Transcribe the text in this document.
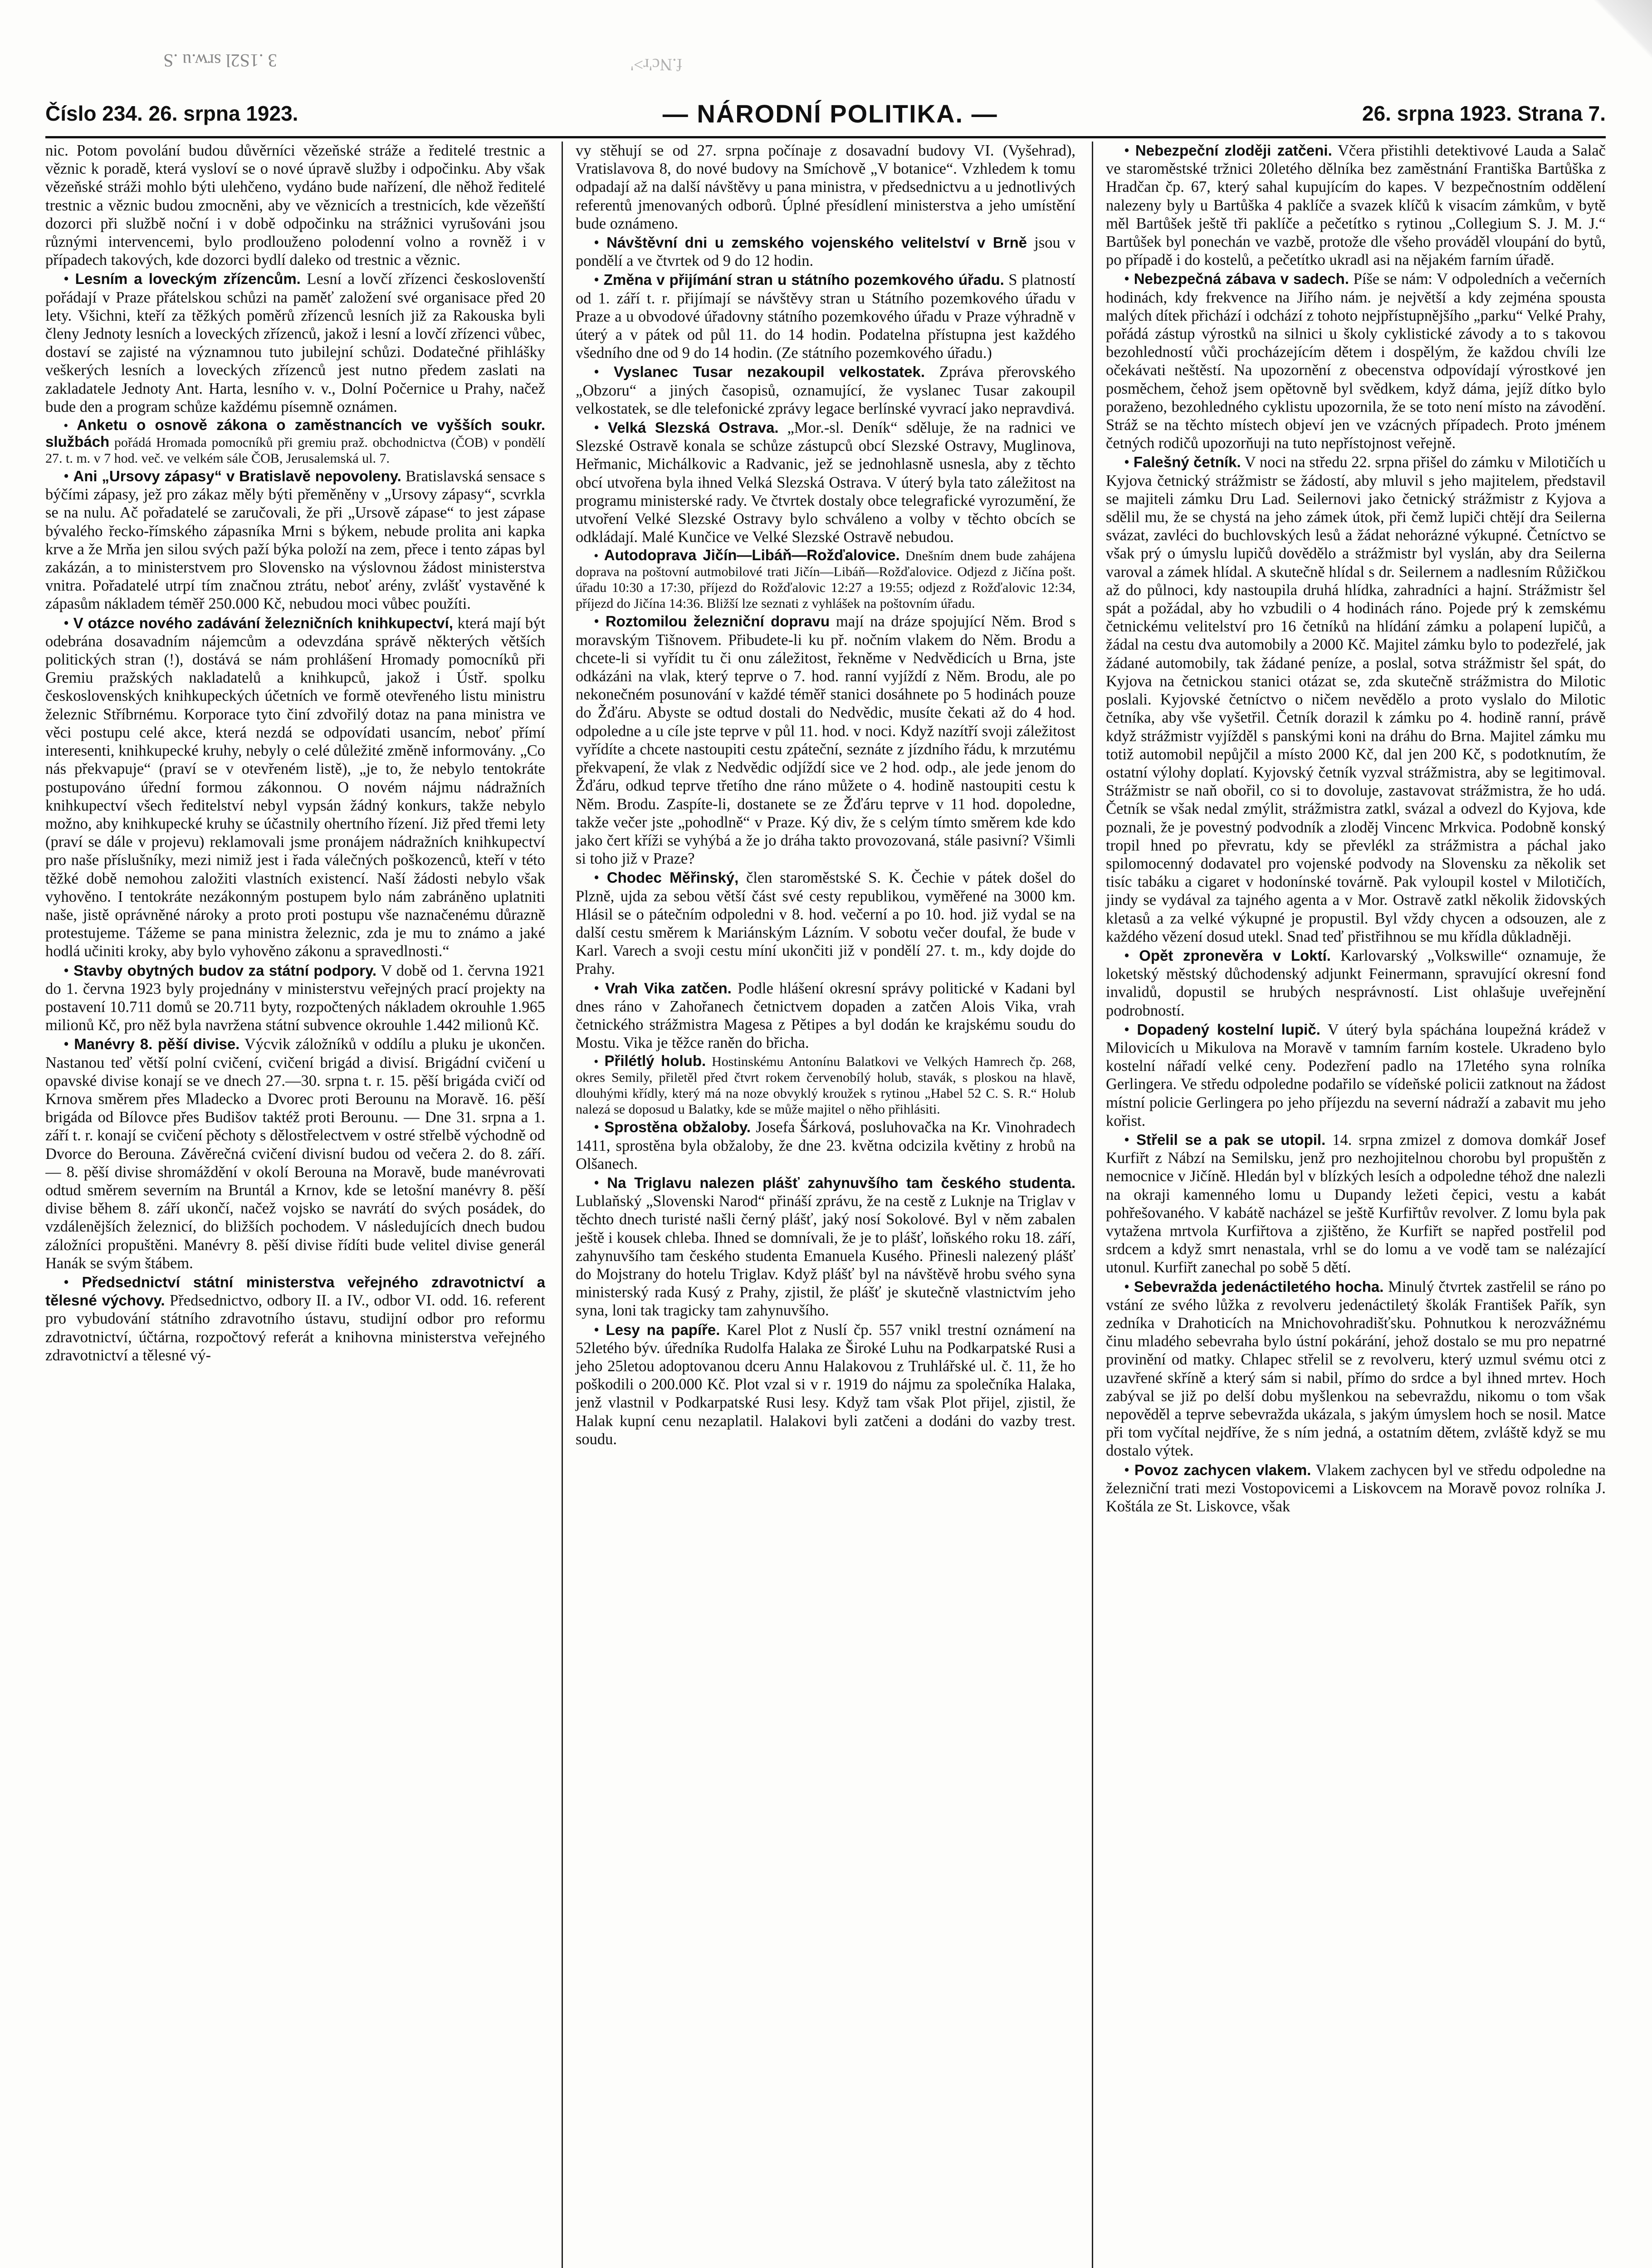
3 .1S2l srw.u .S	f.Nc'r>'
Číslo 234. 26. srpna 1923.	— NÁRODNÍ POLITIKA. —	26. srpna 1923. Strana 7.

nic. Potom povolání budou důvěrníci vězeňské stráže a ředitelé trestnic a věznic k poradě, která vysloví se o nové úpravě služby i odpočinku. Aby však vězeňské stráži mohlo býti ulehčeno, vydáno bude nařízení, dle něhož ředitelé trestnic a věznic budou zmocněni, aby ve věznicích a trestnicích, kde vězeňští dozorci při službě noční i v době odpočinku na strážnici vyrušováni jsou různými intervencemi, bylo prodlouženo polodenní volno a rovněž i v případech takových, kde dozorci bydlí daleko od trestnic a věznic.

• Lesním a loveckým zřízencům. Lesní a lovčí zřízenci českoslovenští pořádají v Praze přátelskou schůzi na paměť založení své organisace před 20 lety. Všichni, kteří za těžkých poměrů zřízenců lesních již za Rakouska byli členy Jednoty lesních a loveckých zřízenců, jakož i lesní a lovčí zřízenci vůbec, dostaví se zajisté na významnou tuto jubilejní schůzi. Dodatečné přihlášky veškerých lesních a loveckých zřízenců jest nutno předem zaslati na zakladatele Jednoty Ant. Harta, lesního v. v., Dolní Počernice u Prahy, načež bude den a program schůze každému písemně oznámen.

• Anketu o osnově zákona o zaměstnancích ve vyšších soukr. službách pořádá Hromada pomocníků při gremiu praž. obchodnictva (ČOB) v pondělí 27. t. m. v 7 hod. več. ve velkém sále ČOB, Jerusalemská ul. 7.

• Ani „Ursovy zápasy“ v Bratislavě nepovoleny. Bratislavská sensace s býčími zápasy, jež pro zákaz měly býti přeměněny v „Ursovy zápasy“, scvrkla se na nulu. Ač pořadatelé se zaručovali, že při „Ursově zápase“ to jest zápase bývalého řecko-římského zápasníka Mrni s býkem, nebude prolita ani kapka krve a že Mrňa jen silou svých paží býka položí na zem, přece i tento zápas byl zakázán, a to ministerstvem pro Slovensko na výslovnou žádost ministerstva vnitra. Pořadatelé utrpí tím značnou ztrátu, neboť arény, zvlášť vystavěné k zápasům nákladem téměř 250.000 Kč, nebudou moci vůbec použíti.

• V otázce nového zadávání železničních knihkupectví, která mají být odebrána dosavadním nájemcům a odevzdána správě některých větších politických stran (!), dostává se nám prohlášení Hromady pomocníků při Gremiu pražských nakladatelů a knihkupců, jakož i Ústř. spolku československých knihkupeckých účetních ve formě otevřeného listu ministru železnic Stříbrnému. Korporace tyto činí zdvořilý dotaz na pana ministra ve věci postupu celé akce, která nezdá se odpovídati usancím, neboť přímí interesenti, knihkupecké kruhy, nebyly o celé důležité změně informovány. „Co nás překvapuje“ (praví se v otevřeném listě), „je to, že nebylo tentokráte postupováno úřední formou zákonnou. O novém nájmu nádražních knihkupectví všech ředitelství nebyl vypsán žádný konkurs, takže nebylo možno, aby knihkupecké kruhy se účastnily ohertního řízení. Již před třemi lety (praví se dále v projevu) reklamovali jsme pronájem nádražních knihkupectví pro naše příslušníky, mezi nimiž jest i řada válečných poškozenců, kteří v této těžké době nemohou založiti vlastních existencí. Naší žádosti nebylo však vyhověno. I tentokráte nezákonným postupem bylo nám zabráněno uplatniti naše, jistě oprávněné nároky a proto proti postupu vše naznačenému důrazně protestujeme. Tážeme se pana ministra železnic, zda je mu to známo a jaké hodlá učiniti kroky, aby bylo vyhověno zákonu a spravedlnosti.“

• Stavby obytných budov za státní podpory. V době od 1. června 1921 do 1. června 1923 byly projednány v ministerstvu veřejných prací projekty na postavení 10.711 domů se 20.711 byty, rozpočtených nákladem okrouhle 1.965 milionů Kč, pro něž byla navržena státní subvence okrouhle 1.442 milionů Kč.

• Manévry 8. pěší divise. Výcvik záložníků v oddílu a pluku je ukončen. Nastanou teď větší polní cvičení, cvičení brigád a divisí. Brigádní cvičení u opavské divise konají se ve dnech 27.—30. srpna t. r. 15. pěší brigáda cvičí od Krnova směrem přes Mladecko a Dvorec proti Berounu na Moravě. 16. pěší brigáda od Bílovce přes Budišov taktéž proti Berounu. — Dne 31. srpna a 1. září t. r. konají se cvičení pěchoty s dělostřelectvem v ostré střelbě východně od Dvorce do Berouna. Závěrečná cvičení divisní budou od večera 2. do 8. září. — 8. pěší divise shromáždění v okolí Berouna na Moravě, bude manévrovati odtud směrem severním na Bruntál a Krnov, kde se letošní manévry 8. pěší divise během 8. září ukončí, načež vojsko se navrátí do svých posádek, do vzdálenějších železnicí, do bližších pochodem. V následujících dnech budou záložníci propuštěni. Manévry 8. pěší divise řídíti bude velitel divise generál Hanák se svým štábem.

• Předsednictví státní ministerstva veřejného zdravotnictví a tělesné výchovy. Předsednictvo, odbory II. a IV., odbor VI. odd. 16. referent pro vybudování státního zdravotního ústavu, studijní odbor pro reformu zdravotnictví, účtárna, rozpočtový referát a knihovna ministerstva veřejného zdravotnictví a tělesné vý-

vy stěhují se od 27. srpna počínaje z dosavadní budovy VI. (Vyšehrad), Vratislavova 8, do nové budovy na Smíchově „V botanice“. Vzhledem k tomu odpadají až na další návštěvy u pana ministra, v předsednictvu a u jednotlivých referentů jmenovaných odborů. Úplné přesídlení ministerstva a jeho umístění bude oznámeno.

• Návštěvní dni u zemského vojenského velitelství v Brně jsou v pondělí a ve čtvrtek od 9 do 12 hodin.

• Změna v přijímání stran u státního pozemkového úřadu. S platností od 1. září t. r. přijímají se návštěvy stran u Státního pozemkového úřadu v Praze a u obvodové úřadovny státního pozemkového úřadu v Praze výhradně v úterý a v pátek od půl 11. do 14 hodin. Podatelna přístupna jest každého všedního dne od 9 do 14 hodin. (Ze státního pozemkového úřadu.)

• Vyslanec Tusar nezakoupil velkostatek. Zpráva přerovského „Obzoru“ a jiných časopisů, oznamující, že vyslanec Tusar zakoupil velkostatek, se dle telefonické zprávy legace berlínské vyvrací jako nepravdivá.

• Velká Slezská Ostrava. „Mor.-sl. Deník“ sděluje, že na radnici ve Slezské Ostravě konala se schůze zástupců obcí Slezské Ostravy, Muglinova, Heřmanic, Michálkovic a Radvanic, jež se jednohlasně usnesla, aby z těchto obcí utvořena byla ihned Velká Slezská Ostrava. V úterý byla tato záležitost na programu ministerské rady. Ve čtvrtek dostaly obce telegrafické vyrozumění, že utvoření Velké Slezské Ostravy bylo schváleno a volby v těchto obcích se odkládají. Malé Kunčice ve Velké Slezské Ostravě nebudou.

• Autodoprava Jičín—Libáň—Rožďalovice. Dnešním dnem bude zahájena doprava na poštovní autmobilové trati Jičín—Libáň—Rožďalovice. Odjezd z Jičína pošt. úřadu 10:30 a 17:30, příjezd do Rožďalovic 12:27 a 19:55; odjezd z Rožďalovic 12:34, příjezd do Jičína 14:36. Bližší lze seznati z vyhlášek na poštovním úřadu.

• Roztomilou železniční dopravu mají na dráze spojující Něm. Brod s moravským Tišnovem. Přibudete-li ku př. nočním vlakem do Něm. Brodu a chcete-li si vyřídit tu či onu záležitost, řekněme v Nedvědicích u Brna, jste odkázáni na vlak, který teprve o 7. hod. ranní vyjíždí z Něm. Brodu, ale po nekonečném posunování v každé téměř stanici dosáhnete po 5 hodinách pouze do Žďáru. Abyste se odtud dostali do Nedvědic, musíte čekati až do 4 hod. odpoledne a u cíle jste teprve v půl 11. hod. v noci. Když nazítří svoji záležitost vyřídíte a chcete nastoupiti cestu zpáteční, seznáte z jízdního řádu, k mrzutému překvapení, že vlak z Nedvědic odjíždí sice ve 2 hod. odp., ale jede jenom do Žďáru, odkud teprve třetího dne ráno můžete o 4. hodině nastoupiti cestu k Něm. Brodu. Zaspíte-li, dostanete se ze Žďáru teprve v 11 hod. dopoledne, takže večer jste „pohodlně“ v Praze. Ký div, že s celým tímto směrem kde kdo jako čert kříži se vyhýbá a že jo dráha takto provozovaná, stále pasivní? Všimli si toho již v Praze?

• Chodec Měřinský, člen staroměstské S. K. Čechie v pátek došel do Plzně, ujda za sebou větší část své cesty republikou, vyměřené na 3000 km. Hlásil se o pátečním odpoledni v 8. hod. večerní a po 10. hod. již vydal se na další cestu směrem k Mariánským Lázním. V sobotu večer doufal, že bude v Karl. Varech a svoji cestu míní ukončiti již v pondělí 27. t. m., kdy dojde do Prahy.

• Vrah Vika zatčen. Podle hlášení okresní správy politické v Kadani byl dnes ráno v Zahořanech četnictvem dopaden a zatčen Alois Vika, vrah četnického strážmistra Magesa z Pětipes a byl dodán ke krajskému soudu do Mostu. Vika je těžce raněn do břicha.

• Přilétlý holub. Hostinskému Antonínu Balatkovi ve Velkých Hamrech čp. 268, okres Semily, přiletěl před čtvrt rokem červenobílý holub, stavák, s ploskou na hlavě, dlouhými křídly, který má na noze obvyklý kroužek s rytinou „Habel 52 C. S. R.“ Holub nalezá se doposud u Balatky, kde se může majitel o něho přihlásiti.

• Sprostěna obžaloby. Josefa Šárková, posluhovačka na Kr. Vinohradech 1411, sprostěna byla obžaloby, že dne 23. května odcizila květiny z hrobů na Olšanech.

• Na Triglavu nalezen plášť zahynuvšího tam českého studenta. Lublaňský „Slovenski Narod“ přináší zprávu, že na cestě z Luknje na Triglav v těchto dnech turisté našli černý plášť, jaký nosí Sokolové. Byl v něm zabalen ještě i kousek chleba. Ihned se domnívali, že je to plášť, loňského roku 18. září, zahynuvšího tam českého studenta Emanuela Kusého. Přinesli nalezený plášť do Mojstrany do hotelu Triglav. Když plášť byl na návštěvě hrobu svého syna ministerský rada Kusý z Prahy, zjistil, že plášť je skutečně vlastnictvím jeho syna, loni tak tragicky tam zahynuvšího.

• Lesy na papíře. Karel Plot z Nuslí čp. 557 vnikl trestní oznámení na 52letého býv. úředníka Rudolfa Halaka ze Široké Luhu na Podkarpatské Rusi a jeho 25letou adoptovanou dceru Annu Halakovou z Truhlářské ul. č. 11, že ho poškodili o 200.000 Kč. Plot vzal si v r. 1919 do nájmu za společníka Halaka, jenž vlastnil v Podkarpatské Rusi lesy. Když tam však Plot přijel, zjistil, že Halak kupní cenu nezaplatil. Halakovi byli zatčeni a dodáni do vazby trest. soudu.

• Nebezpeční zloději zatčeni. Včera přistihli detektivové Lauda a Salač ve staroměstské tržnici 20letého dělníka bez zaměstnání Františka Bartůška z Hradčan čp. 67, který sahal kupujícím do kapes. V bezpečnostním oddělení nalezeny byly u Bartůška 4 paklíče a svazek klíčů k visacím zámkům, v bytě měl Bartůšek ještě tři paklíče a pečetítko s rytinou „Collegium S. J. M. J.“ Bartůšek byl ponechán ve vazbě, protože dle všeho prováděl vloupání do bytů, po případě i do kostelů, a pečetítko ukradl asi na nějakém farním úřadě.

• Nebezpečná zábava v sadech. Píše se nám: V odpoledních a večerních hodinách, kdy frekvence na Jiřího nám. je největší a kdy zejména spousta malých dítek přichází i odchází z tohoto nejpřístupnějšího „parku“ Velké Prahy, pořádá zástup výrostků na silnici u školy cyklistické závody a to s takovou bezohledností vůči procházejícím dětem i dospělým, že každou chvíli lze očekávati neštěstí. Na upozornění z obecenstva odpovídají výrostkové jen posměchem, čehož jsem opětovně byl svědkem, když dáma, jejíž dítko bylo poraženo, bezohledného cyklistu upozornila, že se toto není místo na závodění. Stráž se na těchto místech objeví jen ve vzácných případech. Proto jménem četných rodičů upozorňuji na tuto nepřístojnost veřejně.

• Falešný četník. V noci na středu 22. srpna přišel do zámku v Milotičích u Kyjova četnický strážmistr se žádostí, aby mluvil s jeho majitelem, představil se majiteli zámku Dru Lad. Seilernovi jako četnický strážmistr z Kyjova a sdělil mu, že se chystá na jeho zámek útok, při čemž lupiči chtějí dra Seilerna svázat, zavléci do buchlovských lesů a žádat nehorázné výkupné. Četníctvo se však prý o úmyslu lupičů dovědělo a strážmistr byl vyslán, aby dra Seilerna varoval a zámek hlídal. A skutečně hlídal s dr. Seilernem a nadlesním Růžičkou až do půlnoci, kdy nastoupila druhá hlídka, zahradníci a hajní. Strážmistr šel spát a požádal, aby ho vzbudili o 4 hodinách ráno. Pojede prý k zemskému četnickému velitelství pro 16 četníků na hlídání zámku a polapení lupičů, a žádal na cestu dva automobily a 2000 Kč. Majitel zámku bylo to podezřelé, jak žádané automobily, tak žádané peníze, a poslal, sotva strážmistr šel spát, do Kyjova na četnickou stanici otázat se, zda skutečně strážmistra do Milotic poslali. Kyjovské četníctvo o ničem nevědělo a proto vyslalo do Milotic četníka, aby vše vyšetřil. Četník dorazil k zámku po 4. hodině ranní, právě když strážmistr vyjížděl s panskými koni na dráhu do Brna. Majitel zámku mu totiž automobil nepůjčil a místo 2000 Kč, dal jen 200 Kč, s podotknutím, že ostatní výlohy doplatí. Kyjovský četník vyzval strážmistra, aby se legitimoval. Strážmistr se naň obořil, co si to dovoluje, zastavovat strážmistra, že ho udá. Četník se však nedal zmýlit, strážmistra zatkl, svázal a odvezl do Kyjova, kde poznali, že je povestný podvodník a zloděj Vincenc Mrkvica. Podobně konský tropil hned po převratu, kdy se převlékl za strážmistra a páchal jako spilomocenný dodavatel pro vojenské podvody na Slovensku za několik set tisíc tabáku a cigaret v hodonínské továrně. Pak vyloupil kostel v Milotičích, jindy se vydával za tajného agenta a v Mor. Ostravě zatkl několik židovských kletasů a za velké výkupné je propustil. Byl vždy chycen a odsouzen, ale z každého vězení dosud utekl. Snad teď přistřihnou se mu křídla důkladněji.

• Opět zpronevěra v Loktí. Karlovarský „Volkswille“ oznamuje, že loketský městský důchodenský adjunkt Feinermann, spravující okresní fond invalidů, dopustil se hrubých nesprávností. List ohlašuje uveřejnění podrobností.

• Dopadený kostelní lupič. V úterý byla spáchána loupežná krádež v Milovicích u Mikulova na Moravě v tamním farním kostele. Ukradeno bylo kostelní nářadí velké ceny. Podezření padlo na 17letého syna rolníka Gerlingera. Ve středu odpoledne podařilo se vídeňské policii zatknout na žádost místní policie Gerlingera po jeho příjezdu na severní nádraží a zabavit mu jeho kořist.

• Střelil se a pak se utopil. 14. srpna zmizel z domova domkář Josef Kurfiřt z Nábzí na Semilsku, jenž pro nezhojitelnou chorobu byl propuštěn z nemocnice v Jičíně. Hledán byl v blízkých lesích a odpoledne téhož dne nalezli na okraji kamenného lomu u Dupandy ležeti čepici, vestu a kabát pohřešovaného. V kabátě nacházel se ještě Kurfiřtův revolver. Z lomu byla pak vytažena mrtvola Kurfiřtova a zjištěno, že Kurfiřt se napřed postřelil pod srdcem a když smrt nenastala, vrhl se do lomu a ve vodě tam se nalézající utonul. Kurfiřt zanechal po sobě 5 dětí.

• Sebevražda jedenáctiletého hocha. Minulý čtvrtek zastřelil se ráno po vstání ze svého lůžka z revolveru jedenáctiletý školák František Pařík, syn zedníka v Drahoticích na Mnichovohradišťsku. Pohnutkou k nerozvážnému činu mladého sebevraha bylo ústní pokárání, jehož dostalo se mu pro nepatrné provinění od matky. Chlapec střelil se z revolveru, který uzmul svému otci z uzavřené skříně a který sám si nabil, přímo do srdce a byl ihned mrtev. Hoch zabýval se již po delší dobu myšlenkou na sebevraždu, nikomu o tom však nepověděl a teprve sebevražda ukázala, s jakým úmyslem hoch se nosil. Matce při tom vyčítal nejdříve, že s ním jedná, a ostatním dětem, zvláště když se mu dostalo výtek.

• Povoz zachycen vlakem. Vlakem zachycen byl ve středu odpoledne na železniční trati mezi Vostopovicemi a Liskovcem na Moravě povoz rolníka J. Koštála ze St. Liskovce, však
